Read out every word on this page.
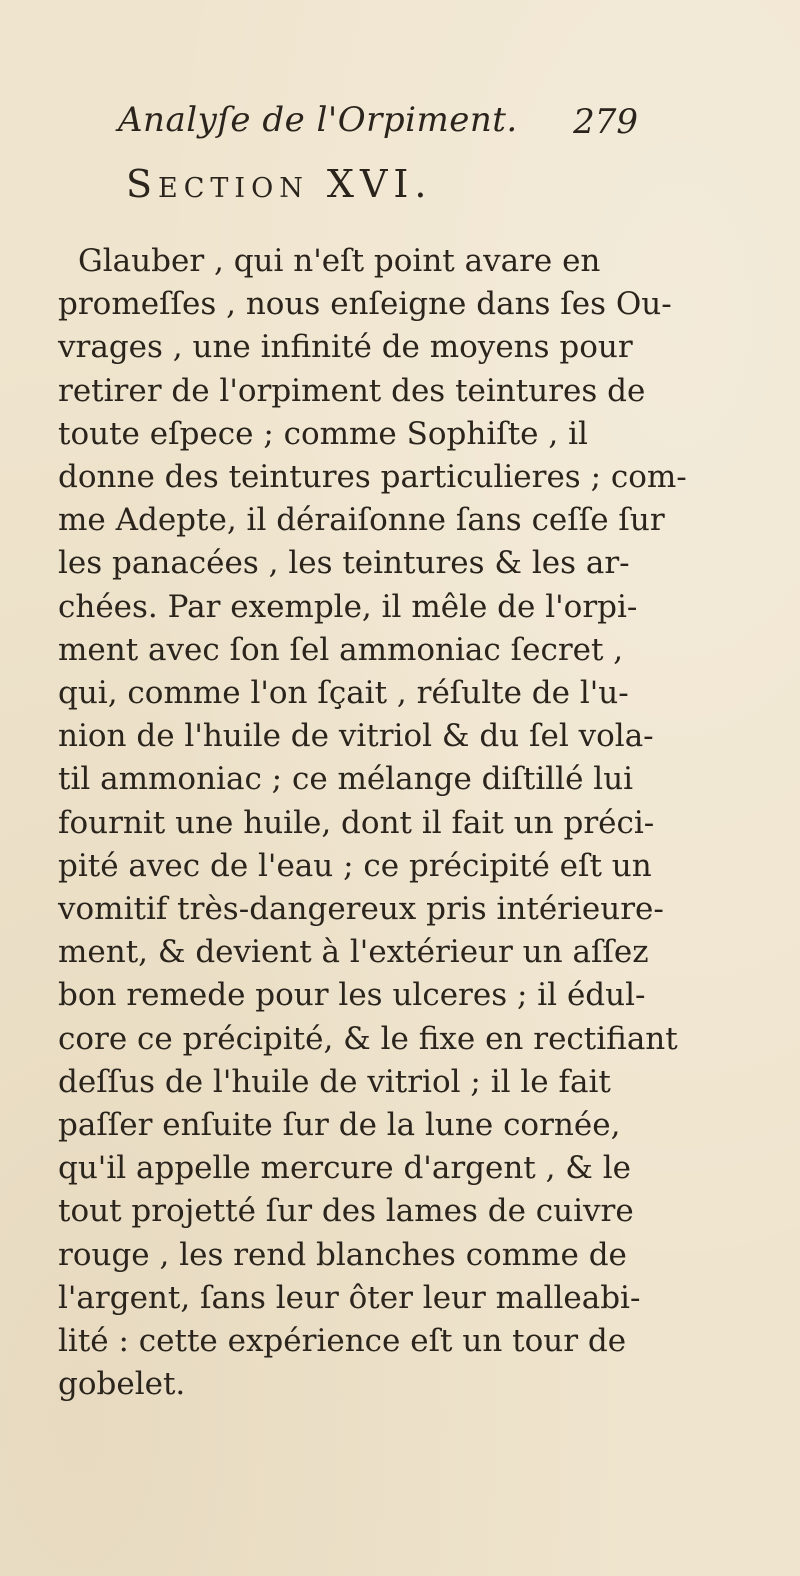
Analyſe de l'Orpiment. 279
Section XVI.
Glauber , qui n'eſt point avare en
promeſſes , nous enſeigne dans ſes Ou-
vrages , une infinité de moyens pour
retirer de l'orpiment des teintures de
toute eſpece ; comme Sophiſte , il
donne des teintures particulieres ; com-
me Adepte, il déraiſonne ſans ceſſe ſur
les panacées , les teintures & les ar-
chées. Par exemple, il mêle de l'orpi-
ment avec ſon ſel ammoniac ſecret ,
qui, comme l'on ſçait , réſulte de l'u-
nion de l'huile de vitriol & du ſel vola-
til ammoniac ; ce mélange diſtillé lui
fournit une huile, dont il fait un préci-
pité avec de l'eau ; ce précipité eſt un
vomitif très-dangereux pris intérieure-
ment, & devient à l'extérieur un aſſez
bon remede pour les ulceres ; il édul-
core ce précipité, & le fixe en rectifiant
deſſus de l'huile de vitriol ; il le fait
paſſer enſuite ſur de la lune cornée,
qu'il appelle mercure d'argent , & le
tout projetté ſur des lames de cuivre
rouge , les rend blanches comme de
l'argent, ſans leur ôter leur malleabi-
lité : cette expérience eſt un tour de
gobelet.
